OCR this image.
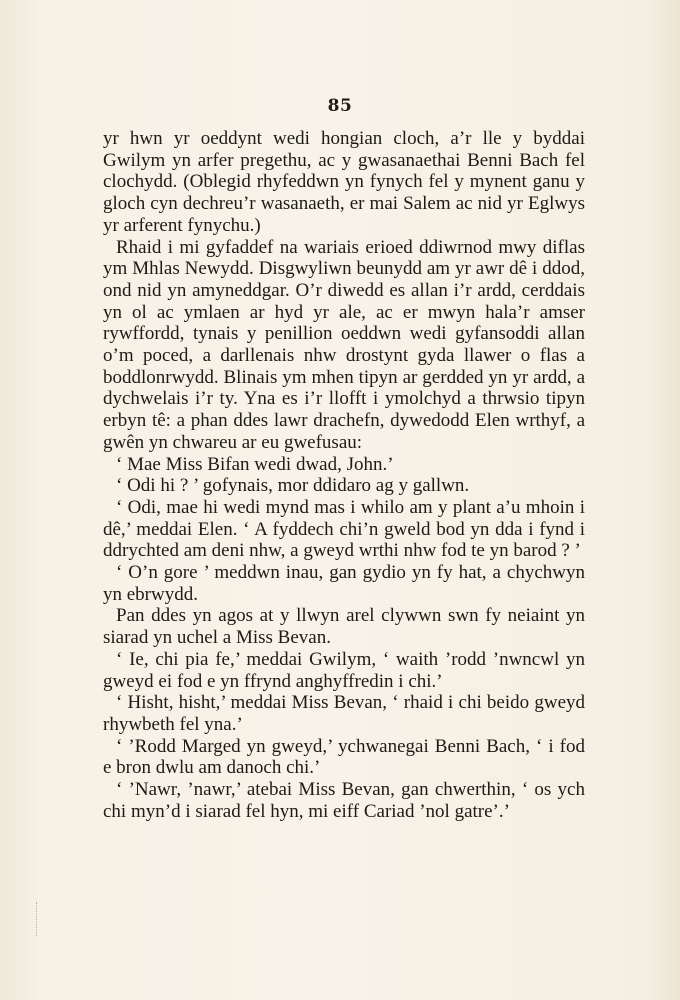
85

yr hwn yr oeddynt wedi hongian cloch, a’r lle y byddai Gwilym yn arfer pregethu, ac y gwasanaethai Benni Bach fel clochydd. (Oblegid rhyfeddwn yn fynych fel y mynent ganu y gloch cyn dechreu’r wasanaeth, er mai Salem ac nid yr Eglwys yr arferent fynychu.)

Rhaid i mi gyfaddef na wariais erioed ddiwrnod mwy diflas ym Mhlas Newydd. Disgwyliwn beunydd am yr awr dê i ddod, ond nid yn amyneddgar. O’r diwedd es allan i’r ardd, cerddais yn ol ac ymlaen ar hyd yr ale, ac er mwyn hala’r amser rywffordd, tynais y penillion oeddwn wedi gyfansoddi allan o’m poced, a darllenais nhw drostynt gyda llawer o flas a boddlonrwydd. Blinais ym mhen tipyn ar gerdded yn yr ardd, a dychwelais i’r ty. Yna es i’r llofft i ymolchyd a thrwsio tipyn erbyn tê: a phan ddes lawr drachefn, dywedodd Elen wrthyf, a gwên yn chwareu ar eu gwefusau:

‘ Mae Miss Bifan wedi dwad, John.’

‘ Odi hi ? ’ gofynais, mor ddidaro ag y gallwn.

‘ Odi, mae hi wedi mynd mas i whilo am y plant a’u mhoin i dê,’ meddai Elen. ‘ A fyddech chi’n gweld bod yn dda i fynd i ddrychted am deni nhw, a gweyd wrthi nhw fod te yn barod ? ’

‘ O’n gore ’ meddwn inau, gan gydio yn fy hat, a chychwyn yn ebrwydd.

Pan ddes yn agos at y llwyn arel clywwn swn fy neiaint yn siarad yn uchel a Miss Bevan.

‘ Ie, chi pia fe,’ meddai Gwilym, ‘ waith ’rodd ’nwncwl yn gweyd ei fod e yn ffrynd anghyffredin i chi.’

‘ Hisht, hisht,’ meddai Miss Bevan, ‘ rhaid i chi beido gweyd rhywbeth fel yna.’

‘ ’Rodd Marged yn gweyd,’ ychwanegai Benni Bach, ‘ i fod e bron dwlu am danoch chi.’

‘ ’Nawr, ’nawr,’ atebai Miss Bevan, gan chwerthin, ‘ os ych chi myn’d i siarad fel hyn, mi eiff Cariad ’nol gatre’.’
